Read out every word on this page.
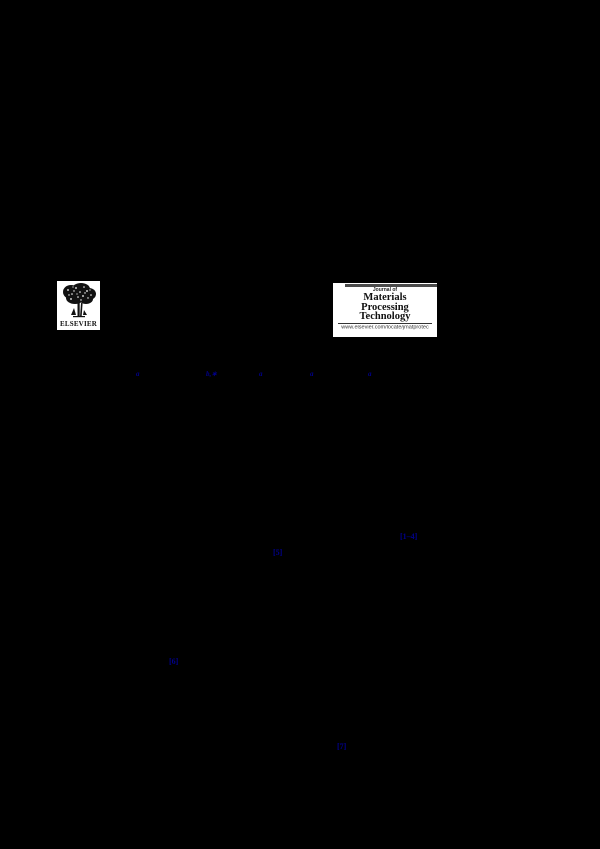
ELSEVIER
Journal of
Materials
Processing
Technology
www.elsevier.com/locate/jmatprotec
a	b,∗	a	a	a
[1–4]
[5]
[6]
[7]
